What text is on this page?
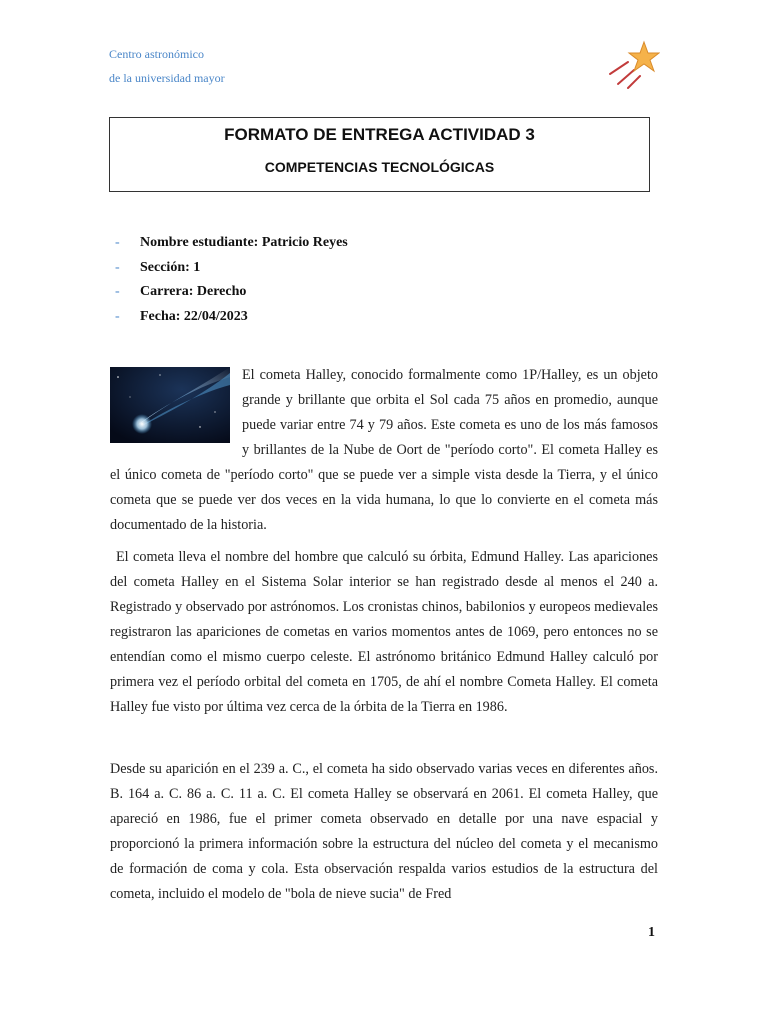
Centro astronómico
de la universidad mayor
FORMATO DE ENTREGA ACTIVIDAD 3
COMPETENCIAS TECNOLÓGICAS
-	Nombre estudiante: Patricio Reyes
-	Sección: 1
-	Carrera: Derecho
-	Fecha: 22/04/2023
El cometa Halley, conocido formalmente como 1P/Halley, es un objeto grande y brillante que orbita el Sol cada 75 años en promedio, aunque puede variar entre 74 y 79 años. Este cometa es uno de los más famosos y brillantes de la Nube de Oort de "período corto". El cometa Halley es el único cometa de "período corto" que se puede ver a simple vista desde la Tierra, y el único cometa que se puede ver dos veces en la vida humana, lo que lo convierte en el cometa más documentado de la historia.
El cometa lleva el nombre del hombre que calculó su órbita, Edmund Halley. Las apariciones del cometa Halley en el Sistema Solar interior se han registrado desde al menos el 240 a. Registrado y observado por astrónomos. Los cronistas chinos, babilonios y europeos medievales registraron las apariciones de cometas en varios momentos antes de 1069, pero entonces no se entendían como el mismo cuerpo celeste. El astrónomo británico Edmund Halley calculó por primera vez el período orbital del cometa en 1705, de ahí el nombre Cometa Halley. El cometa Halley fue visto por última vez cerca de la órbita de la Tierra en 1986.
Desde su aparición en el 239 a. C., el cometa ha sido observado varias veces en diferentes años. B. 164 a. C. 86 a. C. 11 a. C. El cometa Halley se observará en 2061. El cometa Halley, que apareció en 1986, fue el primer cometa observado en detalle por una nave espacial y proporcionó la primera información sobre la estructura del núcleo del cometa y el mecanismo de formación de coma y cola. Esta observación respalda varios estudios de la estructura del cometa, incluido el modelo de "bola de nieve sucia" de Fred
1
